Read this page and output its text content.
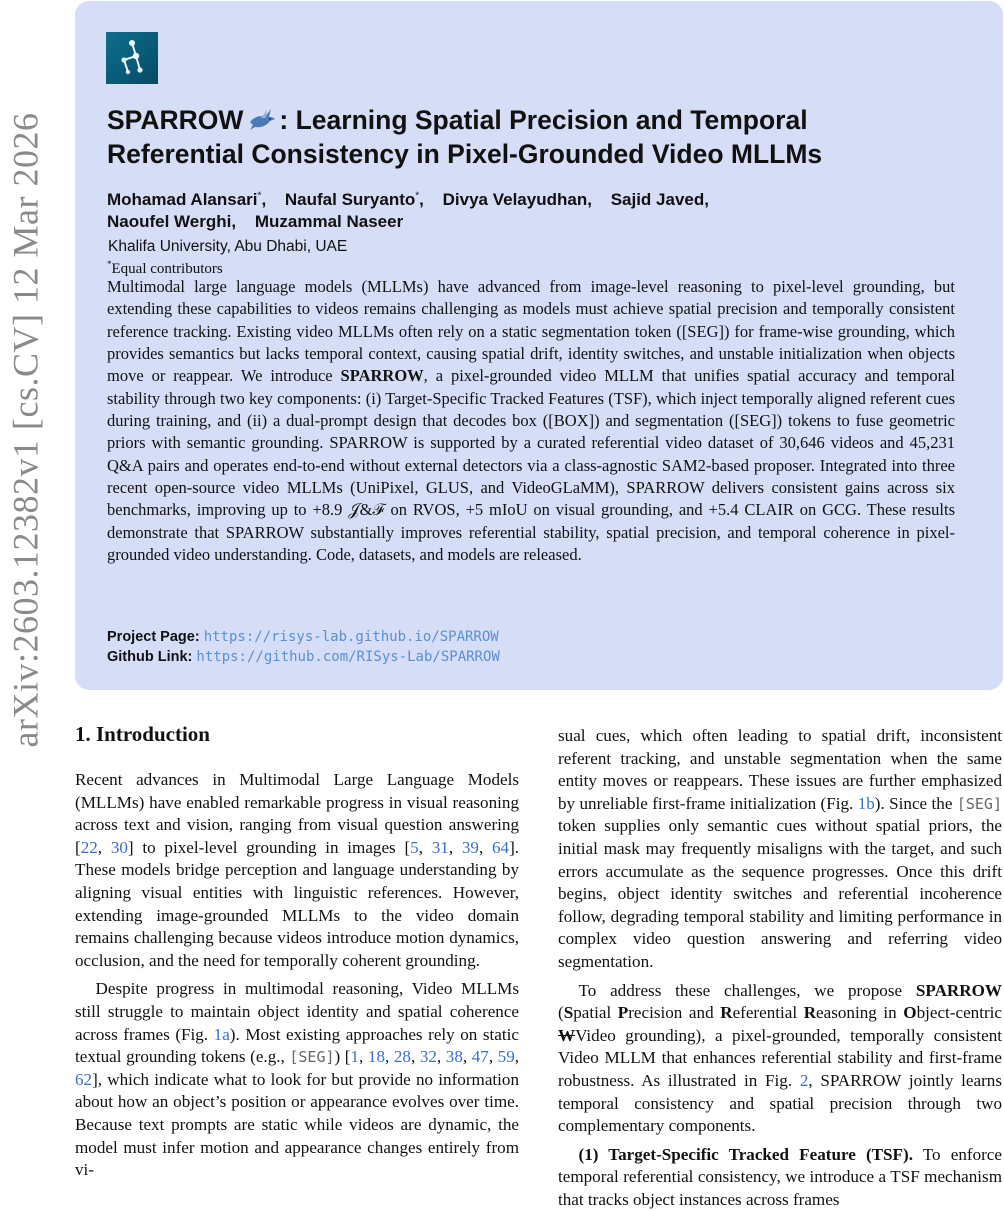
arXiv:2603.12382v1 [cs.CV] 12 Mar 2026 SPARROW : Learning Spatial Precision and Temporal
Referential Consistency in Pixel-Grounded Video MLLMs
Mohamad Alansari*, Naufal Suryanto*, Divya Velayudhan, Sajid Javed,
Naoufel Werghi, Muzammal Naseer
Khalifa University, Abu Dhabi, UAE
*Equal contributors

Multimodal large language models (MLLMs) have advanced from image-level reasoning to pixel-level grounding, but extending these capabilities to videos remains challenging as models must achieve spatial precision and temporally consistent reference tracking. Existing video MLLMs often rely on a static segmentation token ([SEG]) for frame-wise grounding, which provides semantics but lacks temporal context, causing spatial drift, identity switches, and unstable initialization when objects move or reappear. We introduce SPARROW, a pixel-grounded video MLLM that unifies spatial accuracy and temporal stability through two key components: (i) Target-Specific Tracked Features (TSF), which inject temporally aligned referent cues during training, and (ii) a dual-prompt design that decodes box ([BOX]) and segmentation ([SEG]) tokens to fuse geometric priors with semantic grounding. SPARROW is supported by a curated referential video dataset of 30,646 videos and 45,231 Q&A pairs and operates end-to-end without external detectors via a class-agnostic SAM2-based proposer. Integrated into three recent open-source video MLLMs (UniPixel, GLUS, and VideoGLaMM), SPARROW delivers consistent gains across six benchmarks, improving up to +8.9 𝒥&ℱ on RVOS, +5 mIoU on visual grounding, and +5.4 CLAIR on GCG. These results demonstrate that SPARROW substantially improves referential stability, spatial precision, and temporal coherence in pixel-grounded video understanding. Code, datasets, and models are released.

Project Page: https://risys-lab.github.io/SPARROW
Github Link: https://github.com/RISys-Lab/SPARROW
1. Introduction

Recent advances in Multimodal Large Language Models (MLLMs) have enabled remarkable progress in visual reasoning across text and vision, ranging from visual question answering [22, 30] to pixel-level grounding in images [5, 31, 39, 64]. These models bridge perception and language understanding by aligning visual entities with linguistic references. However, extending image-grounded MLLMs to the video domain remains challenging because videos introduce motion dynamics, occlusion, and the need for temporally coherent grounding.

Despite progress in multimodal reasoning, Video MLLMs still struggle to maintain object identity and spatial coherence across frames (Fig. 1a). Most existing approaches rely on static textual grounding tokens (e.g., [SEG]) [1, 18, 28, 32, 38, 47, 59, 62], which indicate what to look for but provide no information about how an object’s position or appearance evolves over time. Because text prompts are static while videos are dynamic, the model must infer motion and appearance changes entirely from vi-

sual cues, which often leading to spatial drift, inconsistent referent tracking, and unstable segmentation when the same entity moves or reappears. These issues are further emphasized by unreliable first-frame initialization (Fig. 1b). Since the [SEG] token supplies only semantic cues without spatial priors, the initial mask may frequently misaligns with the target, and such errors accumulate as the sequence progresses. Once this drift begins, object identity switches and referential incoherence follow, degrading temporal stability and limiting performance in complex video question answering and referring video segmentation.

To address these challenges, we propose SPARROW (Spatial Precision and Referential Reasoning in Object-centric WVideo grounding), a pixel-grounded, temporally consistent Video MLLM that enhances referential stability and first-frame robustness. As illustrated in Fig. 2, SPARROW jointly learns temporal consistency and spatial precision through two complementary components.

(1) Target-Specific Tracked Feature (TSF). To enforce temporal referential consistency, we introduce a TSF mechanism that tracks object instances across frames
